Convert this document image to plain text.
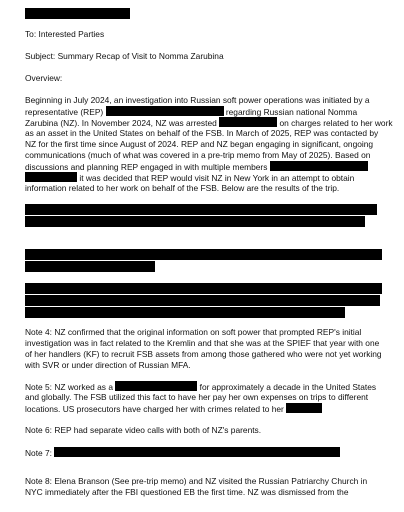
To: Interested Parties
Subject: Summary Recap of Visit to Nomma Zarubina
Overview:
Beginning in July 2024, an investigation into Russian soft power operations was initiated by a
representative (REP)	regarding Russian national Nomma
Zarubina (NZ). In November 2024, NZ was arrested	on charges related to her work
as an asset in the United States on behalf of the FSB. In March of 2025, REP was contacted by
NZ for the first time since August of 2024. REP and NZ began engaging in significant, ongoing
communications (much of what was covered in a pre-trip memo from May of 2025). Based on
discussions and planning REP engaged in with multiple members
it was decided that REP would visit NZ in New York in an attempt to obtain
information related to her work on behalf of the FSB. Below are the results of the trip.
Note 4: NZ confirmed that the original information on soft power that prompted REP's initial
investigation was in fact related to the Kremlin and that she was at the SPIEF that year with one
of her handlers (KF) to recruit FSB assets from among those gathered who were not yet working
with SVR or under direction of Russian MFA.
Note 5: NZ worked as a	for approximately a decade in the United States
and globally. The FSB utilized this fact to have her pay her own expenses on trips to different
locations. US prosecutors have charged her with crimes related to her
Note 6: REP had separate video calls with both of NZ's parents.
Note 7:
Note 8: Elena Branson (See pre-trip memo) and NZ visited the Russian Patriarchy Church in
NYC immediately after the FBI questioned EB the first time. NZ was dismissed from the
